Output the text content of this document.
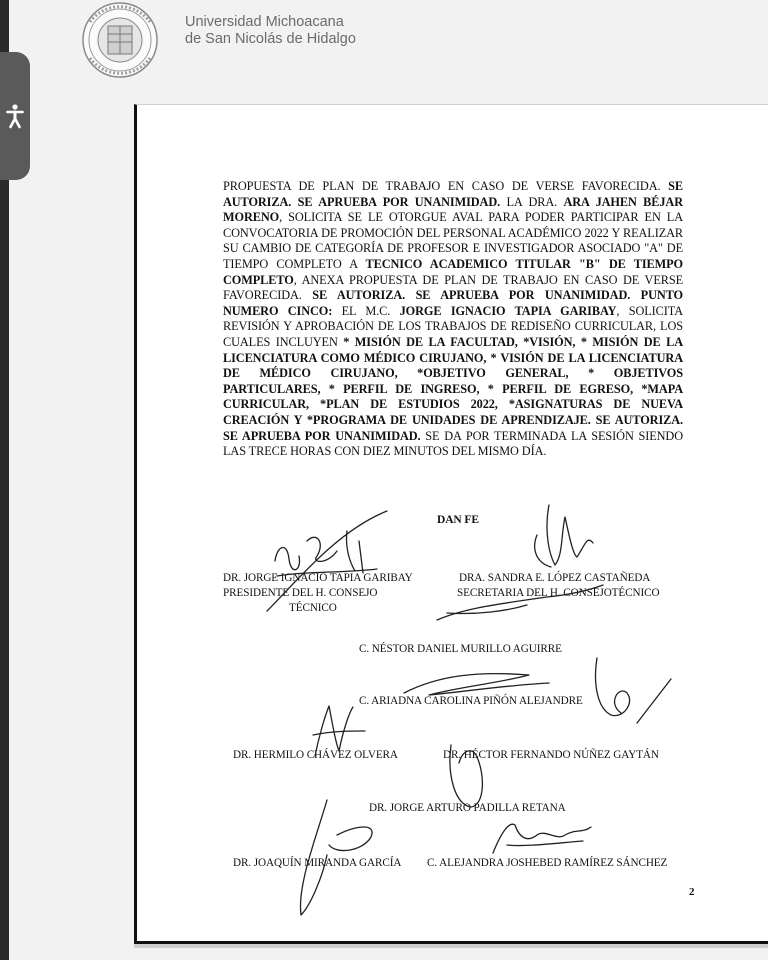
Universidad Michoacana
de San Nicolás de Hidalgo
PROPUESTA DE PLAN DE TRABAJO EN CASO DE VERSE FAVORECIDA. SE AUTORIZA. SE APRUEBA POR UNANIMIDAD. LA DRA. ARA JAHEN BÉJAR MORENO, SOLICITA SE LE OTORGUE AVAL PARA PODER PARTICIPAR EN LA CONVOCATORIA DE PROMOCIÓN DEL PERSONAL ACADÉMICO 2022 Y REALIZAR SU CAMBIO DE CATEGORÍA DE PROFESOR E INVESTIGADOR ASOCIADO "A" DE TIEMPO COMPLETO A TECNICO ACADEMICO TITULAR "B" DE TIEMPO COMPLETO, ANEXA PROPUESTA DE PLAN DE TRABAJO EN CASO DE VERSE FAVORECIDA. SE AUTORIZA. SE APRUEBA POR UNANIMIDAD. PUNTO NUMERO CINCO: EL M.C. JORGE IGNACIO TAPIA GARIBAY, SOLICITA REVISIÓN Y APROBACIÓN DE LOS TRABAJOS DE REDISEÑO CURRICULAR, LOS CUALES INCLUYEN * MISIÓN DE LA FACULTAD, *VISIÓN, * MISIÓN DE LA LICENCIATURA COMO MÉDICO CIRUJANO, * VISIÓN DE LA LICENCIATURA DE MÉDICO CIRUJANO, *OBJETIVO GENERAL, * OBJETIVOS PARTICULARES, * PERFIL DE INGRESO, * PERFIL DE EGRESO, *MAPA CURRICULAR, *PLAN DE ESTUDIOS 2022, *ASIGNATURAS DE NUEVA CREACIÓN Y *PROGRAMA DE UNIDADES DE APRENDIZAJE. SE AUTORIZA. SE APRUEBA POR UNANIMIDAD. SE DA POR TERMINADA LA SESIÓN SIENDO LAS TRECE HORAS CON DIEZ MINUTOS DEL MISMO DÍA.
DAN FE
DR. JORGE IGNACIO TAPIA GARIBAY
PRESIDENTE DEL H. CONSEJO
TÉCNICO
DRA. SANDRA E. LÓPEZ CASTAÑEDA
SECRETARIA DEL H. CONSEJOTÉCNICO
C. NÉSTOR DANIEL MURILLO AGUIRRE
C. ARIADNA CAROLINA PIÑÓN ALEJANDRE
DR. HERMILO CHÁVEZ OLVERA	DR. HÉCTOR FERNANDO NÚÑEZ GAYTÁN
DR. JORGE ARTURO PADILLA RETANA
DR. JOAQUÍN MIRANDA GARCÍA C. ALEJANDRA JOSHEBED RAMÍREZ SÁNCHEZ
2
